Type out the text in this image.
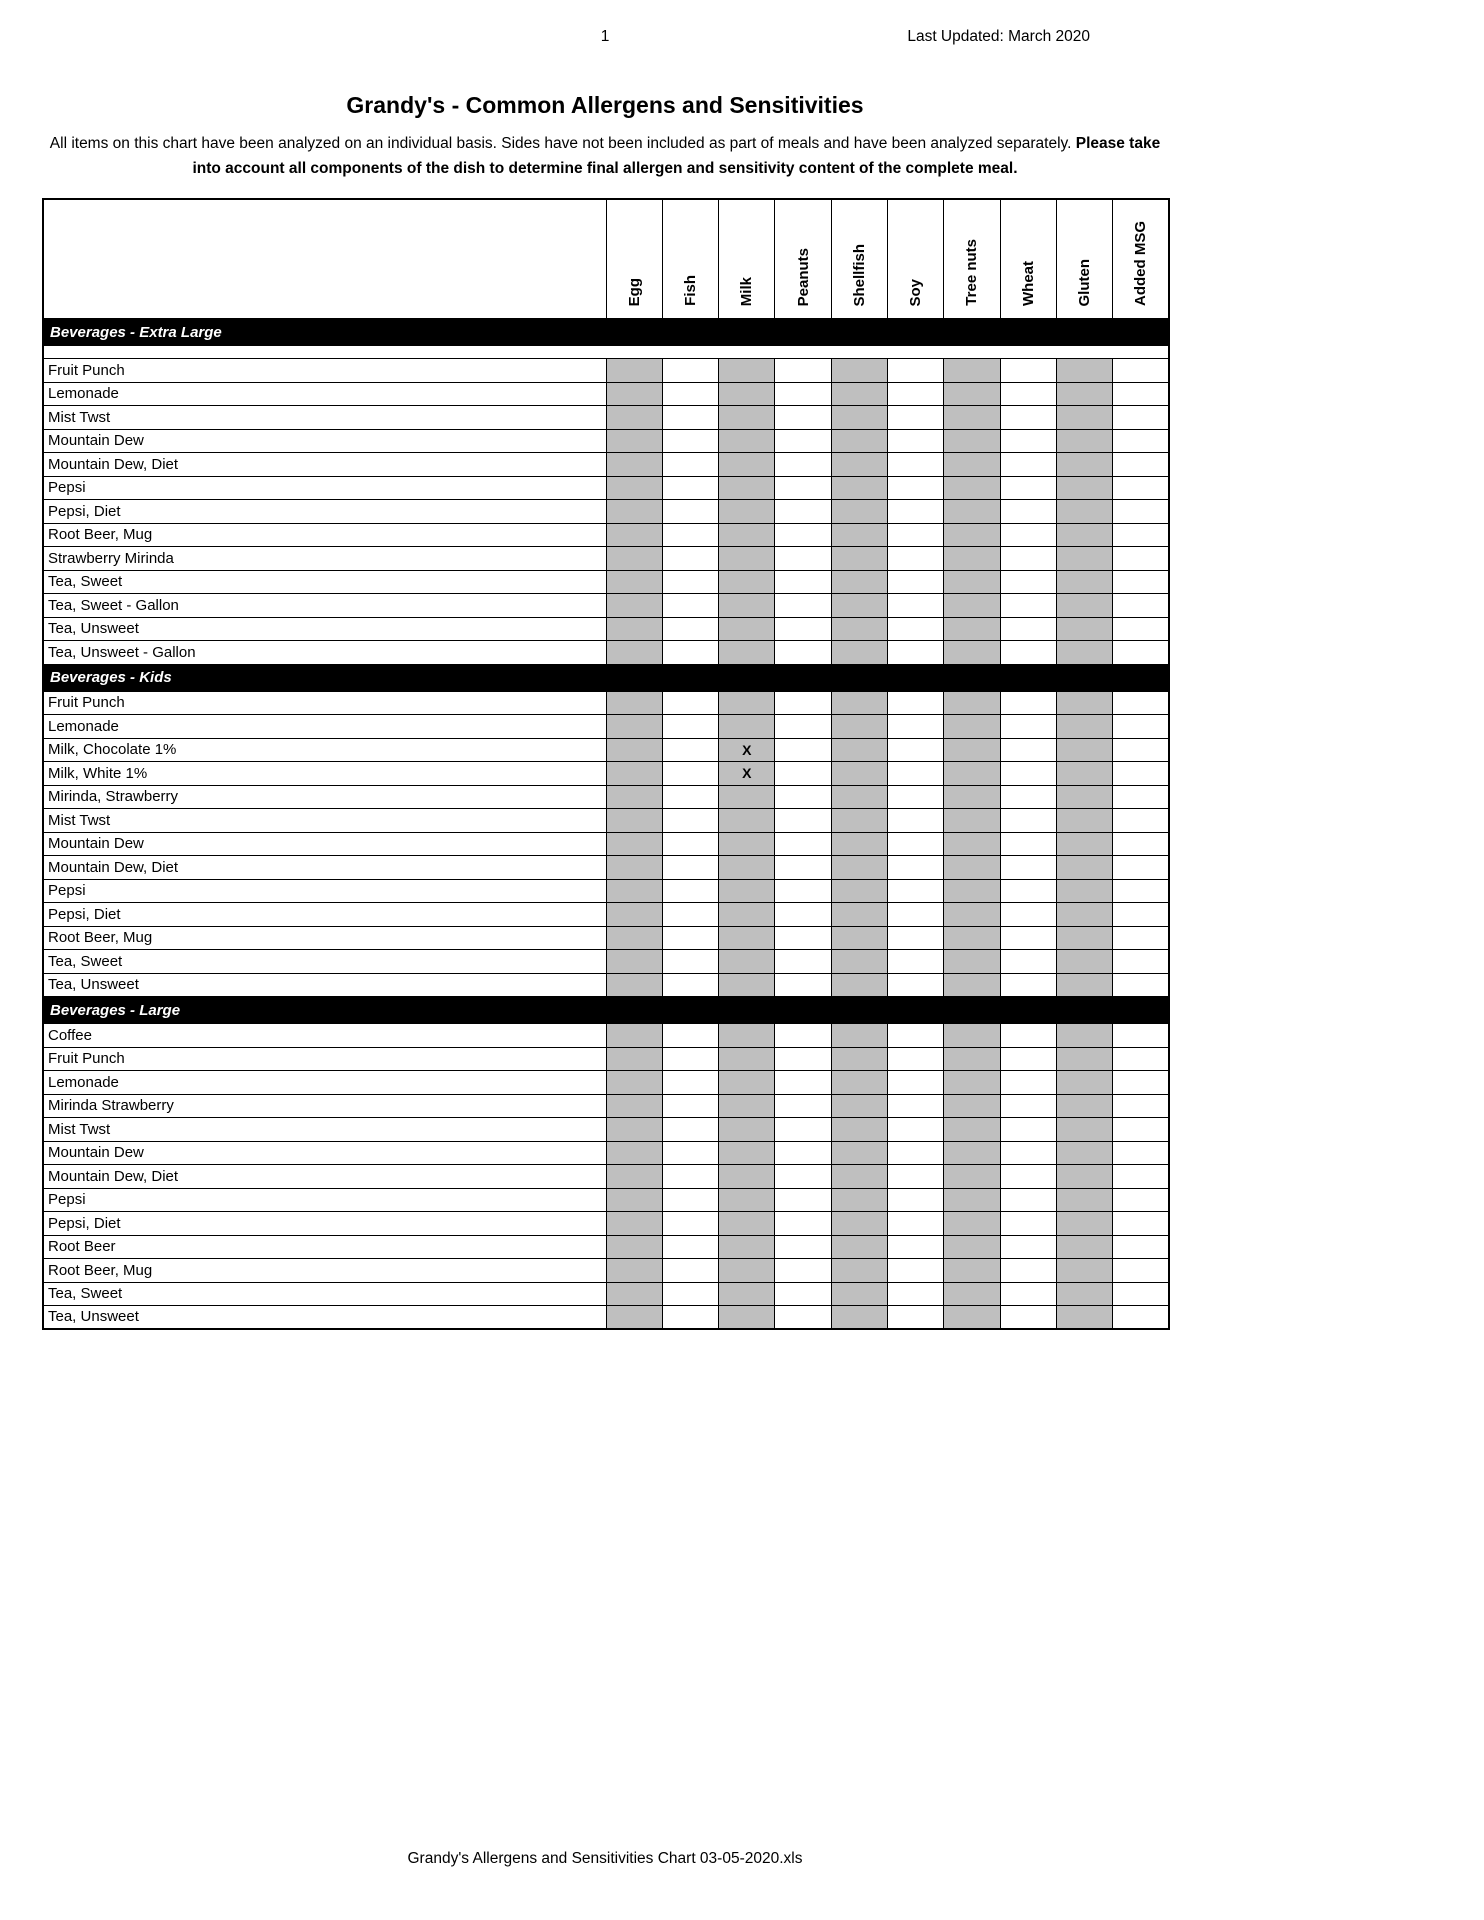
1	Last Updated: March 2020
Grandy's - Common Allergens and Sensitivities

All items on this chart have been analyzed on an individual basis. Sides have not been included as part of meals and have been analyzed separately. Please take into account all components of the dish to determine final allergen and sensitivity content of the complete meal.

	Egg	Fish	Milk	Peanuts	Shellfish	Soy	Tree nuts	Wheat	Gluten	Added MSG
Beverages - Extra Large										

Fruit Punch										
Lemonade										
Mist Twst										
Mountain Dew										
Mountain Dew, Diet										
Pepsi										
Pepsi, Diet										
Root Beer, Mug										
Strawberry Mirinda										
Tea, Sweet										
Tea, Sweet - Gallon										
Tea, Unsweet										
Tea, Unsweet - Gallon										
Beverages - Kids										
Fruit Punch										
Lemonade										
Milk, Chocolate 1%			X							
Milk, White 1%			X							
Mirinda, Strawberry										
Mist Twst										
Mountain Dew										
Mountain Dew, Diet										
Pepsi										
Pepsi, Diet										
Root Beer, Mug										
Tea, Sweet										
Tea, Unsweet										
Beverages - Large										
Coffee										
Fruit Punch										
Lemonade										
Mirinda Strawberry										
Mist Twst										
Mountain Dew										
Mountain Dew, Diet										
Pepsi										
Pepsi, Diet										
Root Beer										
Root Beer, Mug										
Tea, Sweet										
Tea, Unsweet										
Grandy's Allergens and Sensitivities Chart 03-05-2020.xls
